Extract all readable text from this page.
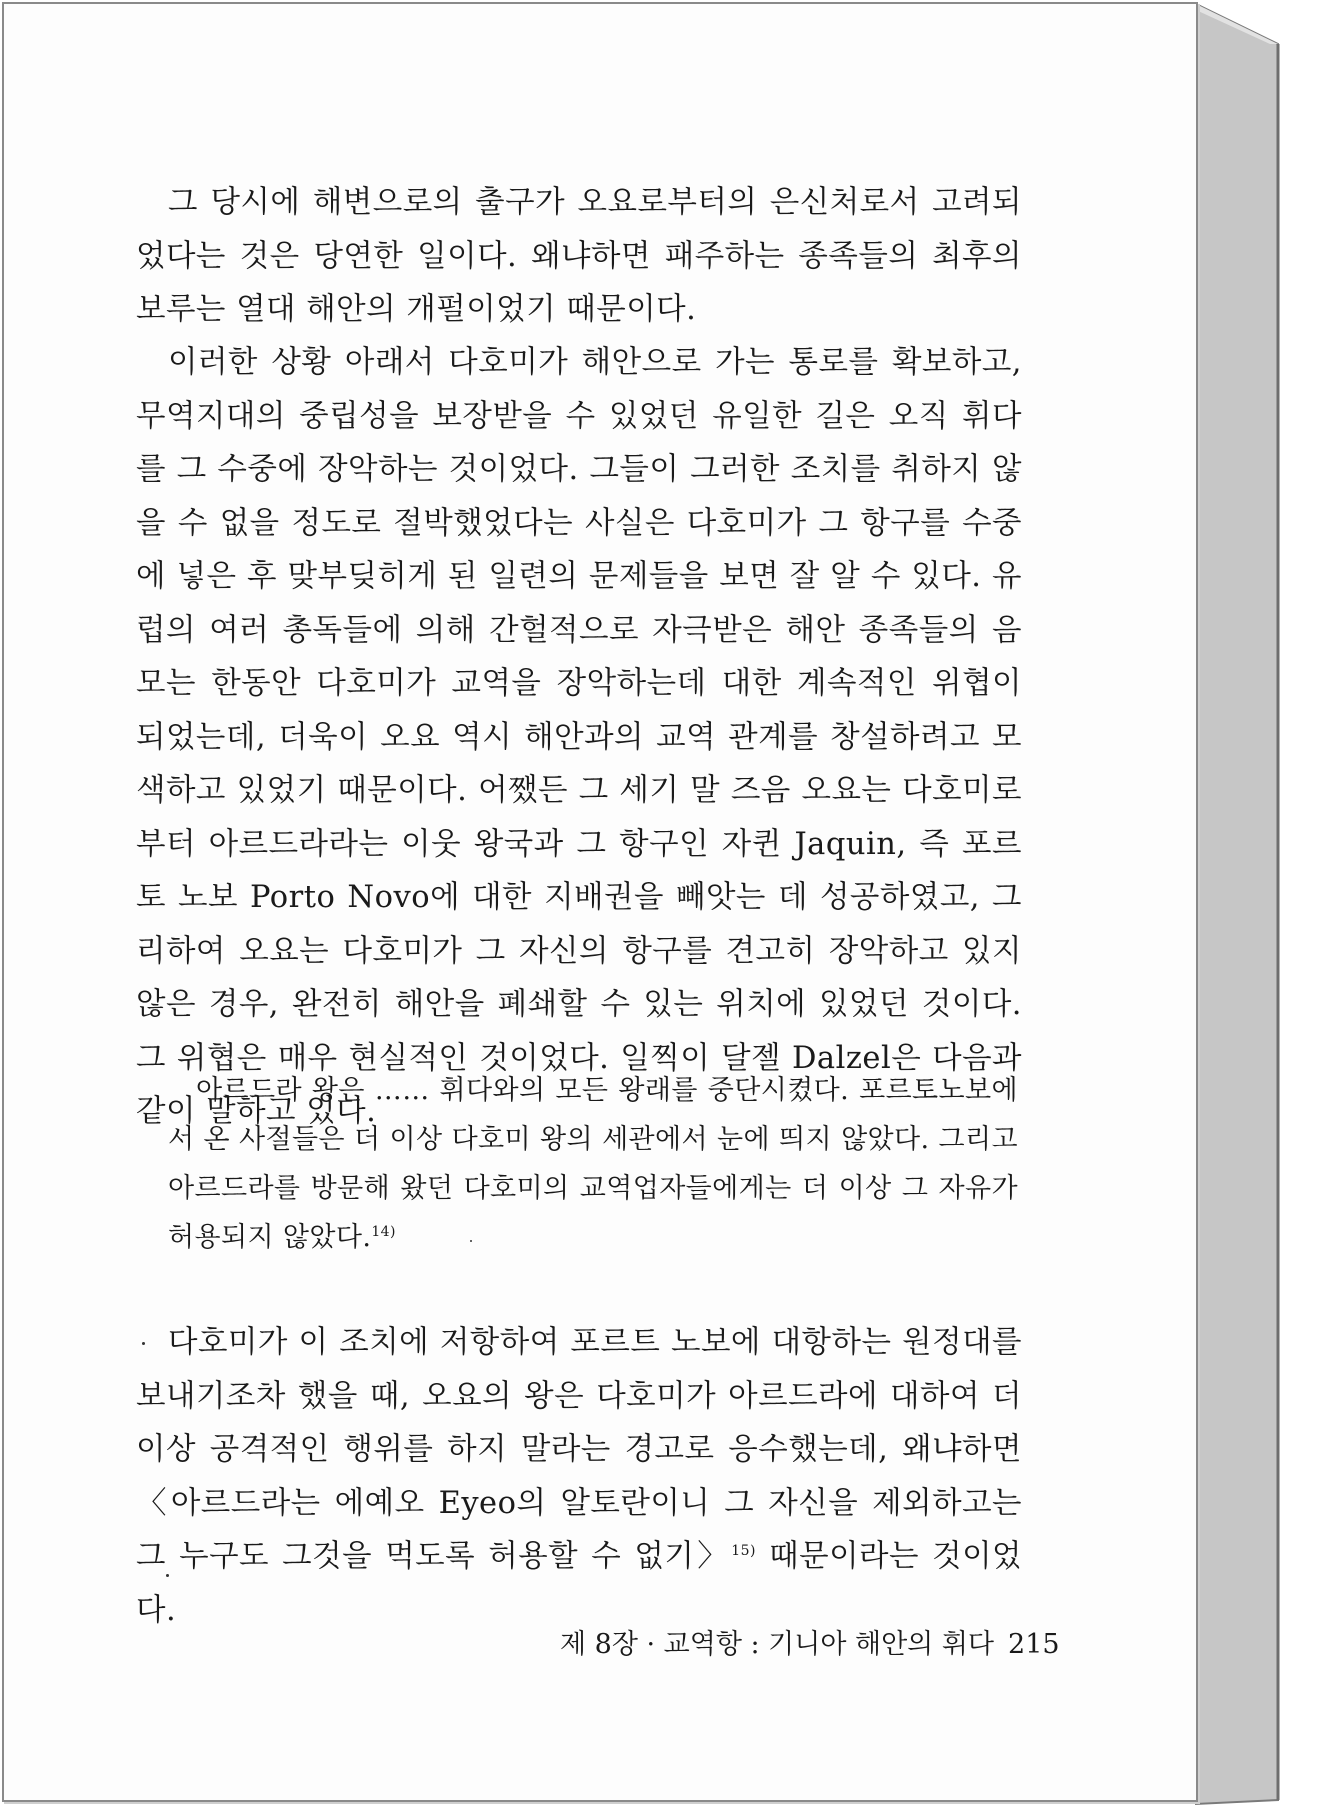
그 당시에 해변으로의 출구가 오요로부터의 은신처로서 고려되었다는 것은 당연한 일이다. 왜냐하면 패주하는 종족들의 최후의 보루는 열대 해안의 개펄이었기 때문이다.

이러한 상황 아래서 다호미가 해안으로 가는 통로를 확보하고, 무역지대의 중립성을 보장받을 수 있었던 유일한 길은 오직 휘다를 그 수중에 장악하는 것이었다. 그들이 그러한 조치를 취하지 않을 수 없을 정도로 절박했었다는 사실은 다호미가 그 항구를 수중에 넣은 후 맞부딪히게 된 일련의 문제들을 보면 잘 알 수 있다. 유럽의 여러 총독들에 의해 간헐적으로 자극받은 해안 종족들의 음모는 한동안 다호미가 교역을 장악하는데 대한 계속적인 위협이 되었는데, 더욱이 오요 역시 해안과의 교역 관계를 창설하려고 모색하고 있었기 때문이다. 어쨌든 그 세기 말 즈음 오요는 다호미로부터 아르드라라는 이웃 왕국과 그 항구인 자퀸 Jaquin, 즉 포르토 노보 Porto Novo에 대한 지배권을 빼앗는 데 성공하였고, 그리하여 오요는 다호미가 그 자신의 항구를 견고히 장악하고 있지 않은 경우, 완전히 해안을 폐쇄할 수 있는 위치에 있었던 것이다. 그 위협은 매우 현실적인 것이었다. 일찍이 달젤 Dalzel은 다음과 같이 말하고 있다.

아르드라 왕은 …… 휘다와의 모든 왕래를 중단시켰다. 포르토노보에서 온 사절들은 더 이상 다호미 왕의 세관에서 눈에 띄지 않았다. 그리고 아르드라를 방문해 왔던 다호미의 교역업자들에게는 더 이상 그 자유가 허용되지 않았다.$^{14)}$

다호미가 이 조치에 저항하여 포르트 노보에 대항하는 원정대를 보내기조차 했을 때, 오요의 왕은 다호미가 아르드라에 대하여 더 이상 공격적인 행위를 하지 말라는 경고로 응수했는데, 왜냐하면 〈아르드라는 에예오 Eyeo의 알토란이니 그 자신을 제외하고는 그 누구도 그것을 먹도록 허용할 수 없기〉$^{15)}$ 때문이라는 것이었다.

제 8장 · 교역항 : 기니아 해안의 휘다 215
